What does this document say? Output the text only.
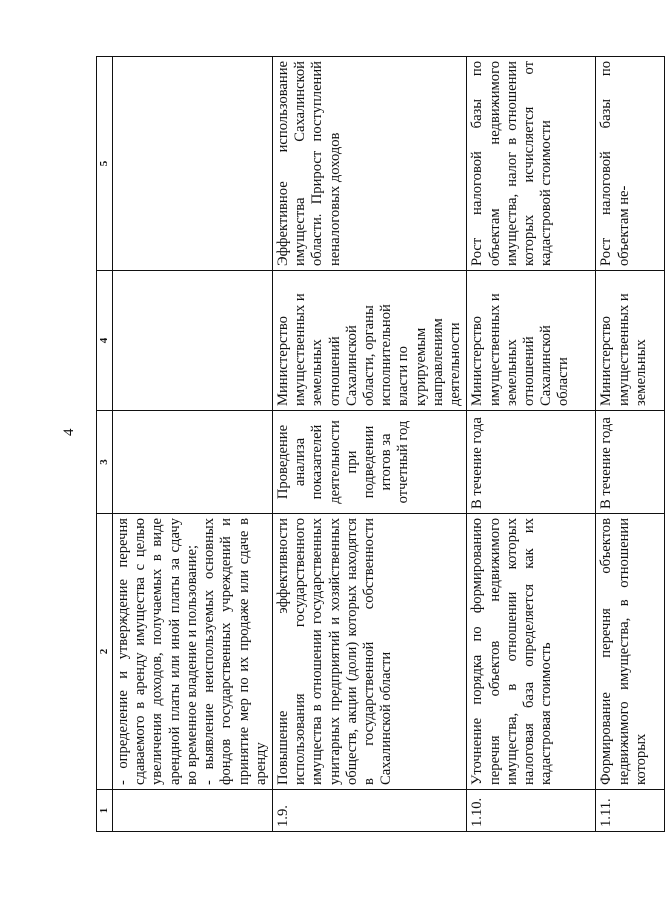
4
1	2	3	4	5

	- определение и утверждение перечня сдаваемого в аренду имущества с целью увеличения доходов, получаемых в виде арендной платы или иной платы за сдачу во временное владение и пользование;
- выявление неиспользуемых основных фондов государственных учреждений и принятие мер по их продаже или сдаче в аренду			

1.9.	Повышение эффективности использования государственного имущества в отношении государственных унитарных предприятий и хозяйственных обществ, акции (доли) которых находятся в государственной собственности Сахалинской области	Проведение анализа показателей деятельности при подведении итогов за отчетный год	Министерство имущественных и земельных отношений Сахалинской области, органы исполнительной власти по курируемым направлениям деятельности	Эффективное использование имущества Сахалинской области. Прирост поступлений неналоговых доходов
1.10.	Уточнение порядка по формированию перечня объектов недвижимого имущества, в отношении которых налоговая база определяется как их кадастровая стоимость	В течение года	Министерство имущественных и земельных отношений Сахалинской области	Рост налоговой базы по объектам недвижимого имущества, налог в отношении которых исчисляется от кадастровой стоимости
1.11.	Формирование перечня объектов недвижимого имущества, в отношении которых	В течение года	Министерство имущественных и земельных	Рост налоговой базы по объектам не-
